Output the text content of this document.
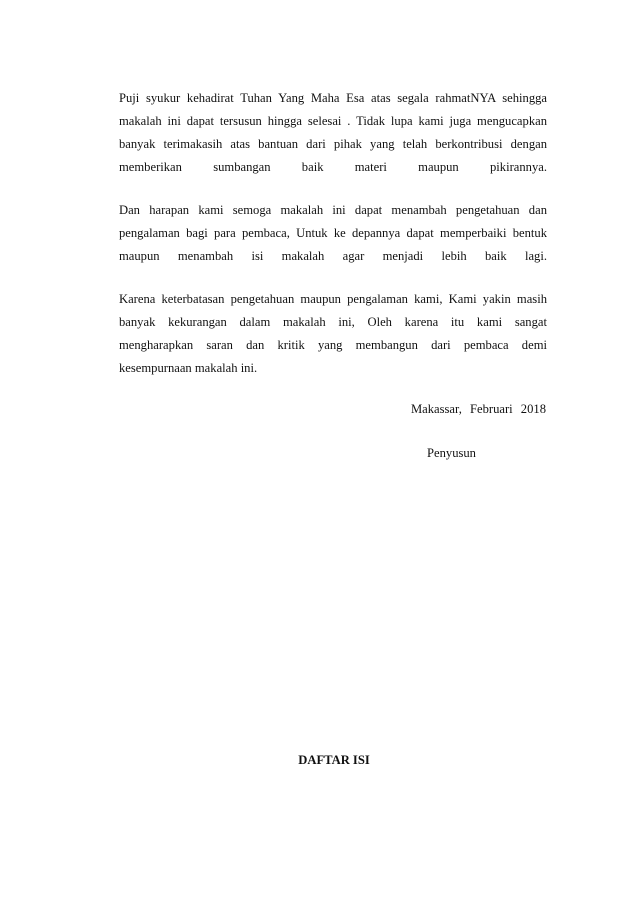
Puji syukur kehadirat Tuhan Yang Maha Esa atas segala rahmatNYA sehingga
makalah ini dapat tersusun hingga selesai . Tidak lupa kami juga mengucapkan
banyak terimakasih atas bantuan dari pihak yang telah berkontribusi dengan
memberikan sumbangan baik materi maupun pikirannya.
Dan harapan kami semoga makalah ini dapat menambah pengetahuan dan
pengalaman bagi para pembaca, Untuk ke depannya dapat memperbaiki bentuk
maupun menambah isi makalah agar menjadi lebih baik lagi.
Karena keterbatasan pengetahuan maupun pengalaman kami, Kami yakin masih
banyak kekurangan dalam makalah ini, Oleh karena itu kami sangat
mengharapkan saran dan kritik yang membangun dari pembaca demi
kesempurnaan makalah ini.
Makassar, Februari 2018
Penyusun
DAFTAR ISI
